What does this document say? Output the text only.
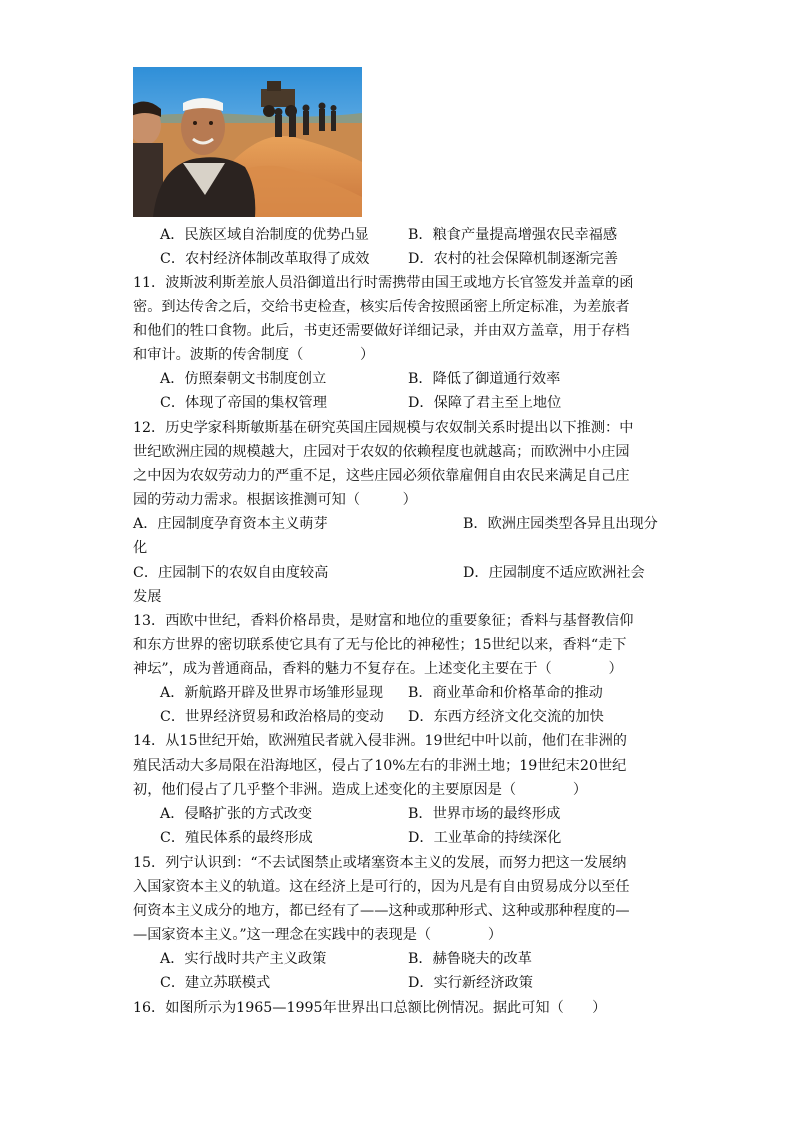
A．民族区域自治制度的优势凸显	B．粮食产量提高增强农民幸福感
C．农村经济体制改革取得了成效	D．农村的社会保障机制逐渐完善
11．波斯波利斯差旅人员沿御道出行时需携带由国王或地方长官签发并盖章的函
密。到达传舍之后，交给书吏检查，核实后传舍按照函密上所定标准，为差旅者
和他们的牲口食物。此后，书吏还需要做好详细记录，并由双方盖章，用于存档
和审计。波斯的传舍制度（　　　　）
A．仿照秦朝文书制度创立	B．降低了御道通行效率
C．体现了帝国的集权管理	D．保障了君主至上地位
12．历史学家科斯敏斯基在研究英国庄园规模与农奴制关系时提出以下推测：中
世纪欧洲庄园的规模越大，庄园对于农奴的依赖程度也就越高；而欧洲中小庄园
之中因为农奴劳动力的严重不足，这些庄园必须依靠雇佣自由农民来满足自己庄
园的劳动力需求。根据该推测可知（　　　）
A．庄园制度孕育资本主义萌芽	B．欧洲庄园类型各异且出现分
化
C．庄园制下的农奴自由度较高	D．庄园制度不适应欧洲社会
发展
13．西欧中世纪，香料价格昂贵，是财富和地位的重要象征；香料与基督教信仰
和东方世界的密切联系使它具有了无与伦比的神秘性；15世纪以来，香料“走下
神坛”，成为普通商品，香料的魅力不复存在。上述变化主要在于（　　　　）
A．新航路开辟及世界市场雏形显现 B．商业革命和价格革命的推动
C．世界经济贸易和政治格局的变动 D．东西方经济文化交流的加快
14．从15世纪开始，欧洲殖民者就入侵非洲。19世纪中叶以前，他们在非洲的
殖民活动大多局限在沿海地区，侵占了10%左右的非洲土地；19世纪末20世纪
初，他们侵占了几乎整个非洲。造成上述变化的主要原因是（　　　　）
A．侵略扩张的方式改变	B．世界市场的最终形成
C．殖民体系的最终形成	D．工业革命的持续深化
15．列宁认识到：“不去试图禁止或堵塞资本主义的发展，而努力把这一发展纳
入国家资本主义的轨道。这在经济上是可行的，因为凡是有自由贸易成分以至任
何资本主义成分的地方，都已经有了——这种或那种形式、这种或那种程度的—
—国家资本主义。”这一理念在实践中的表现是（　　　　）
A．实行战时共产主义政策	B．赫鲁晓夫的改革
C．建立苏联模式	D．实行新经济政策
16．如图所示为1965—1995年世界出口总额比例情况。据此可知（　　）
